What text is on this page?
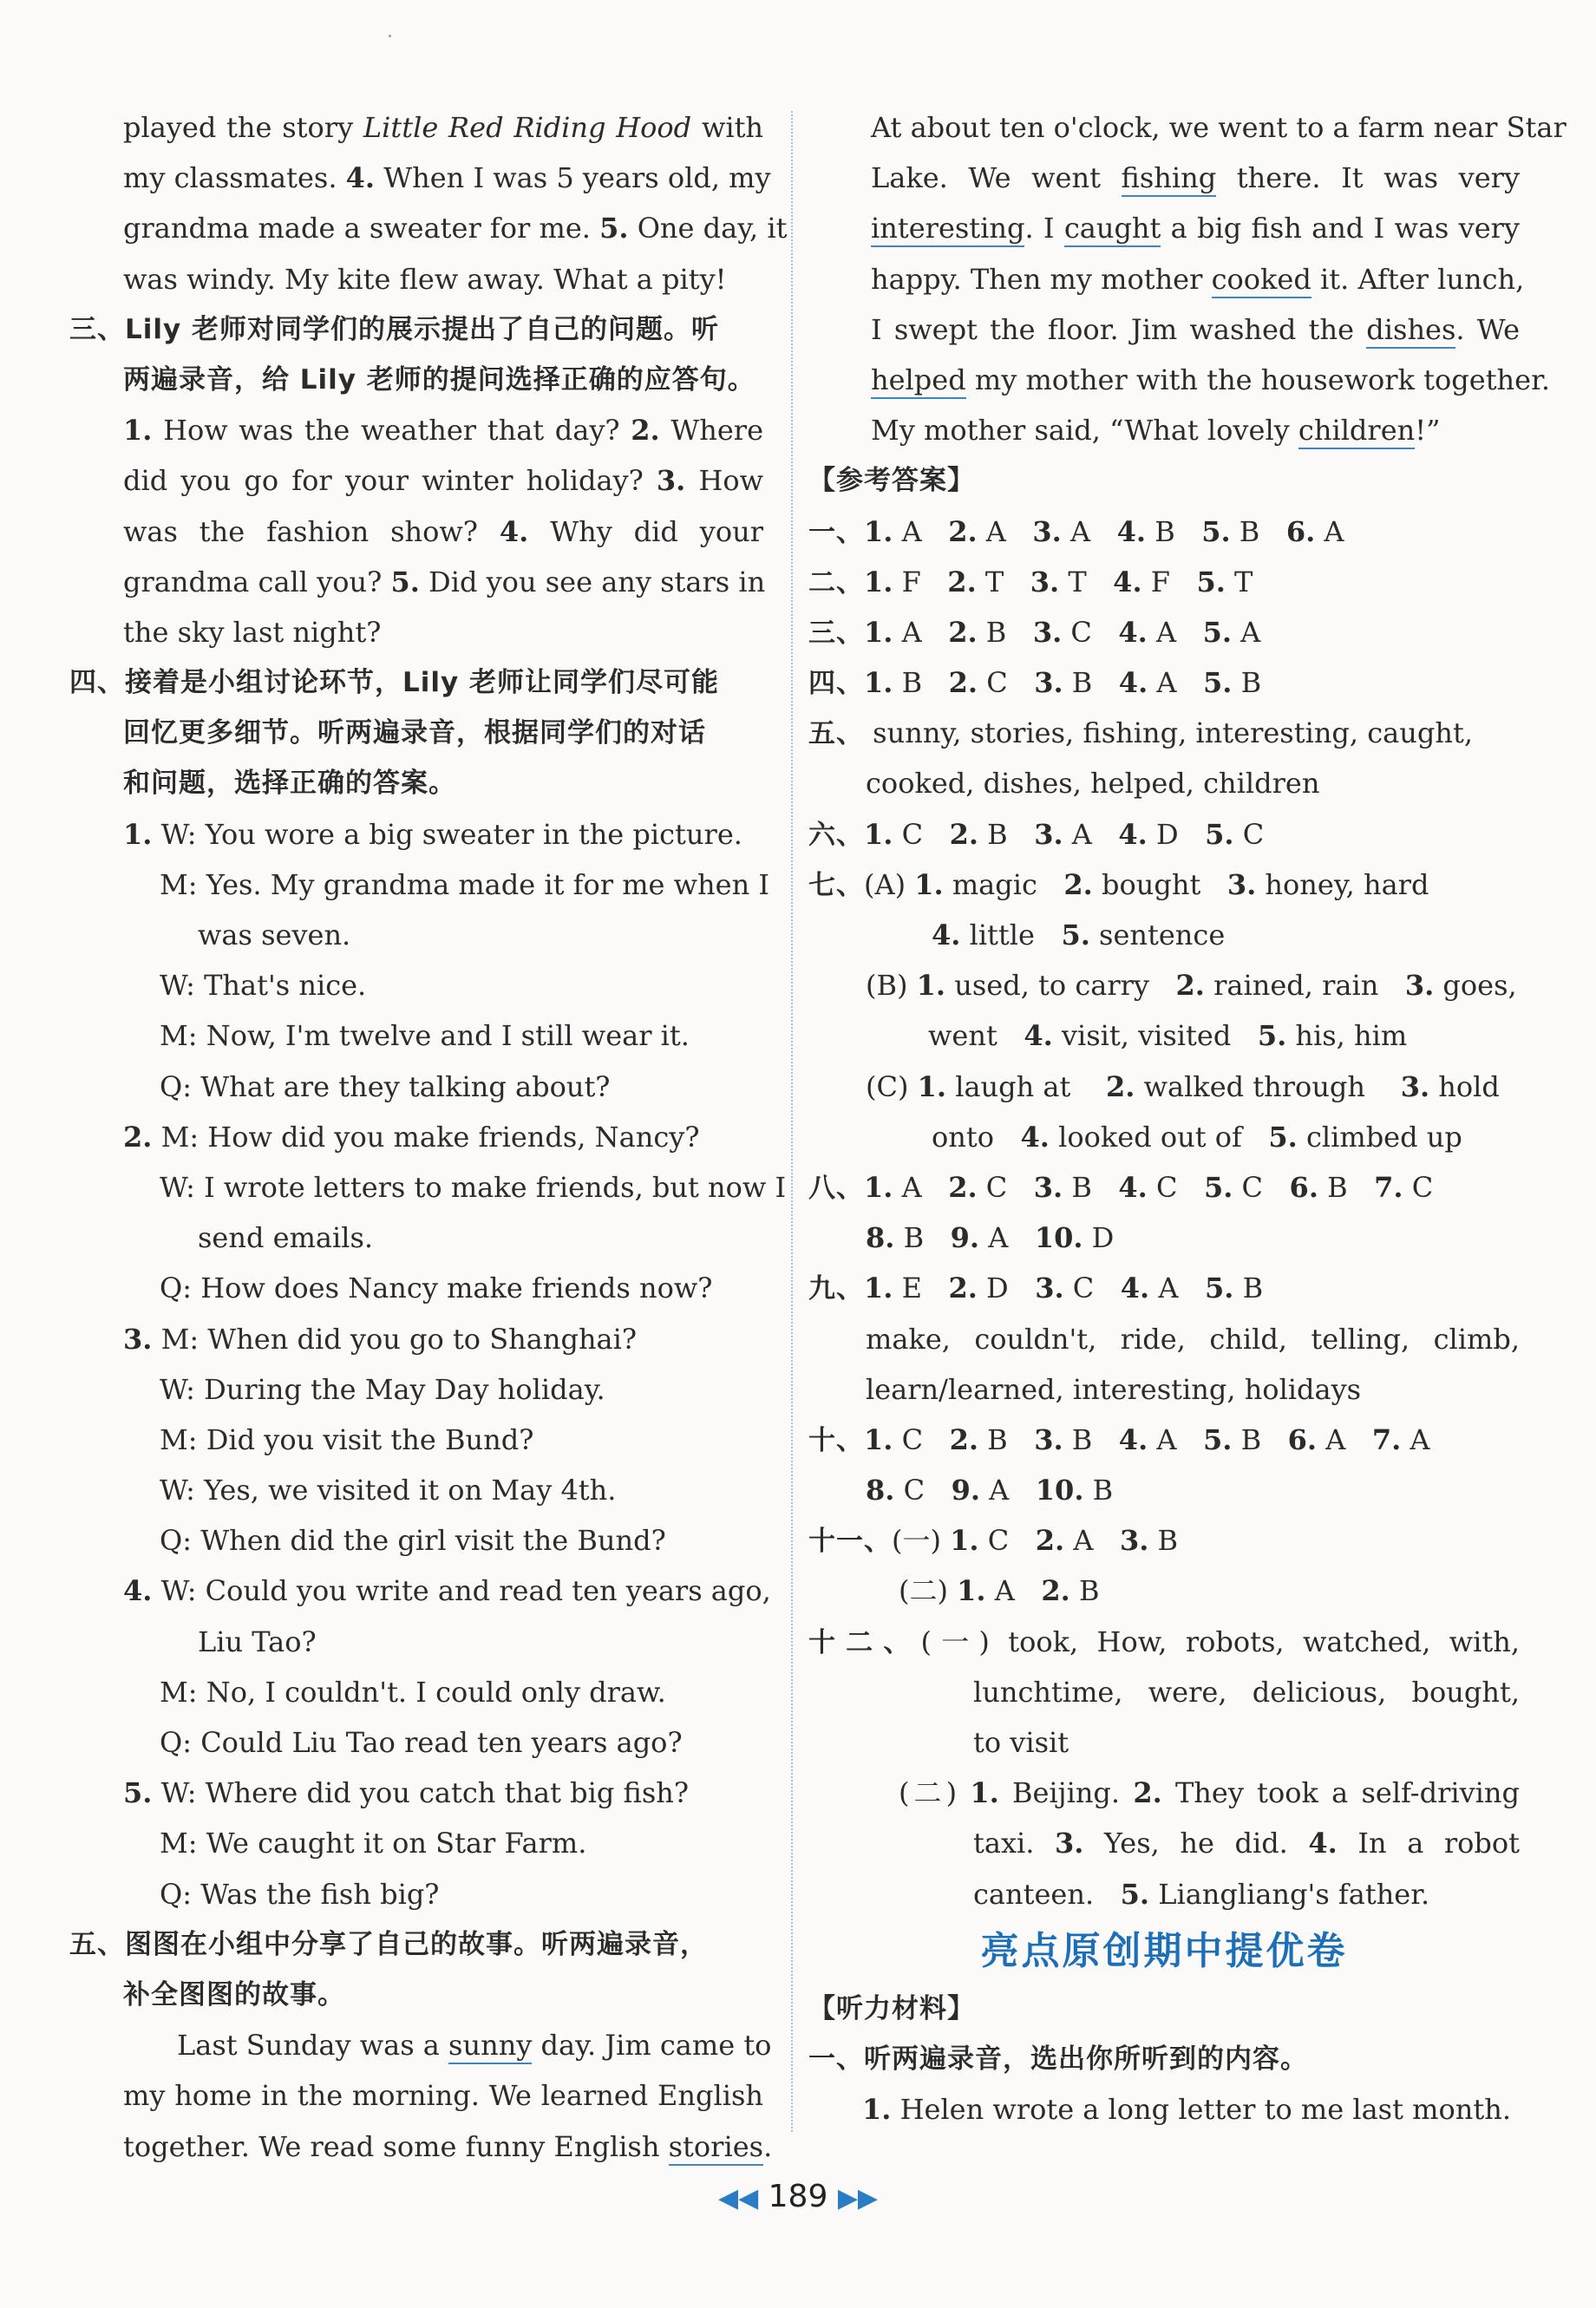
played the story Little Red Riding Hood with
my classmates. 4. When I was 5 years old, my
grandma made a sweater for me. 5. One day, it
was windy. My kite flew away. What a pity!
三、Lily 老师对同学们的展示提出了自己的问题。听
两遍录音，给 Lily 老师的提问选择正确的应答句。
1. How was the weather that day? 2. Where
did you go for your winter holiday? 3. How
was the fashion show? 4. Why did your
grandma call you? 5. Did you see any stars in
the sky last night?
四、接着是小组讨论环节，Lily 老师让同学们尽可能
回忆更多细节。听两遍录音，根据同学们的对话
和问题，选择正确的答案。
1. W: You wore a big sweater in the picture.
M: Yes. My grandma made it for me when I
was seven.
W: That's nice.
M: Now, I'm twelve and I still wear it.
Q: What are they talking about?
2. M: How did you make friends, Nancy?
W: I wrote letters to make friends, but now I
send emails.
Q: How does Nancy make friends now?
3. M: When did you go to Shanghai?
W: During the May Day holiday.
M: Did you visit the Bund?
W: Yes, we visited it on May 4th.
Q: When did the girl visit the Bund?
4. W: Could you write and read ten years ago,
Liu Tao?
M: No, I couldn't. I could only draw.
Q: Could Liu Tao read ten years ago?
5. W: Where did you catch that big fish?
M: We caught it on Star Farm.
Q: Was the fish big?
五、图图在小组中分享了自己的故事。听两遍录音，
补全图图的故事。
Last Sunday was a sunny day. Jim came to
my home in the morning. We learned English
together. We read some funny English stories.
At about ten o'clock, we went to a farm near Star
Lake. We went fishing there. It was very
interesting. I caught a big fish and I was very
happy. Then my mother cooked it. After lunch,
I swept the floor. Jim washed the dishes. We
helped my mother with the housework together.
My mother said, “What lovely children!”
【参考答案】
一、1. A 2. A 3. A 4. B 5. B 6. A
二、1. F 2. T 3. T 4. F 5. T
三、1. A 2. B 3. C 4. A 5. A
四、1. B 2. C 3. B 4. A 5. B
五、 sunny, stories, fishing, interesting, caught,
cooked, dishes, helped, children
六、1. C 2. B 3. A 4. D 5. C
七、(A) 1. magic 2. bought 3. honey, hard
4. little 5. sentence
(B) 1. used, to carry 2. rained, rain 3. goes,
went 4. visit, visited 5. his, him
(C) 1. laugh at 2. walked through 3. hold
onto 4. looked out of 5. climbed up
八、1. A 2. C 3. B 4. C 5. C 6. B 7. C
8. B 9. A 10. D
九、1. E 2. D 3. C 4. A 5. B
make, couldn't, ride, child, telling, climb,
learn/learned, interesting, holidays
十、1. C 2. B 3. B 4. A 5. B 6. A 7. A
8. C 9. A 10. B
十一、(一) 1. C 2. A 3. B
(二) 1. A 2. B
十二、(一) took, How, robots, watched, with,
lunchtime, were, delicious, bought,
to visit
(二) 1. Beijing. 2. They took a self-driving
taxi. 3. Yes, he did. 4. In a robot
canteen. 5. Liangliang's father.
亮点原创期中提优卷
【听力材料】
一、听两遍录音，选出你所听到的内容。
1. Helen wrote a long letter to me last month.
◀◀ 189 ▶▶
